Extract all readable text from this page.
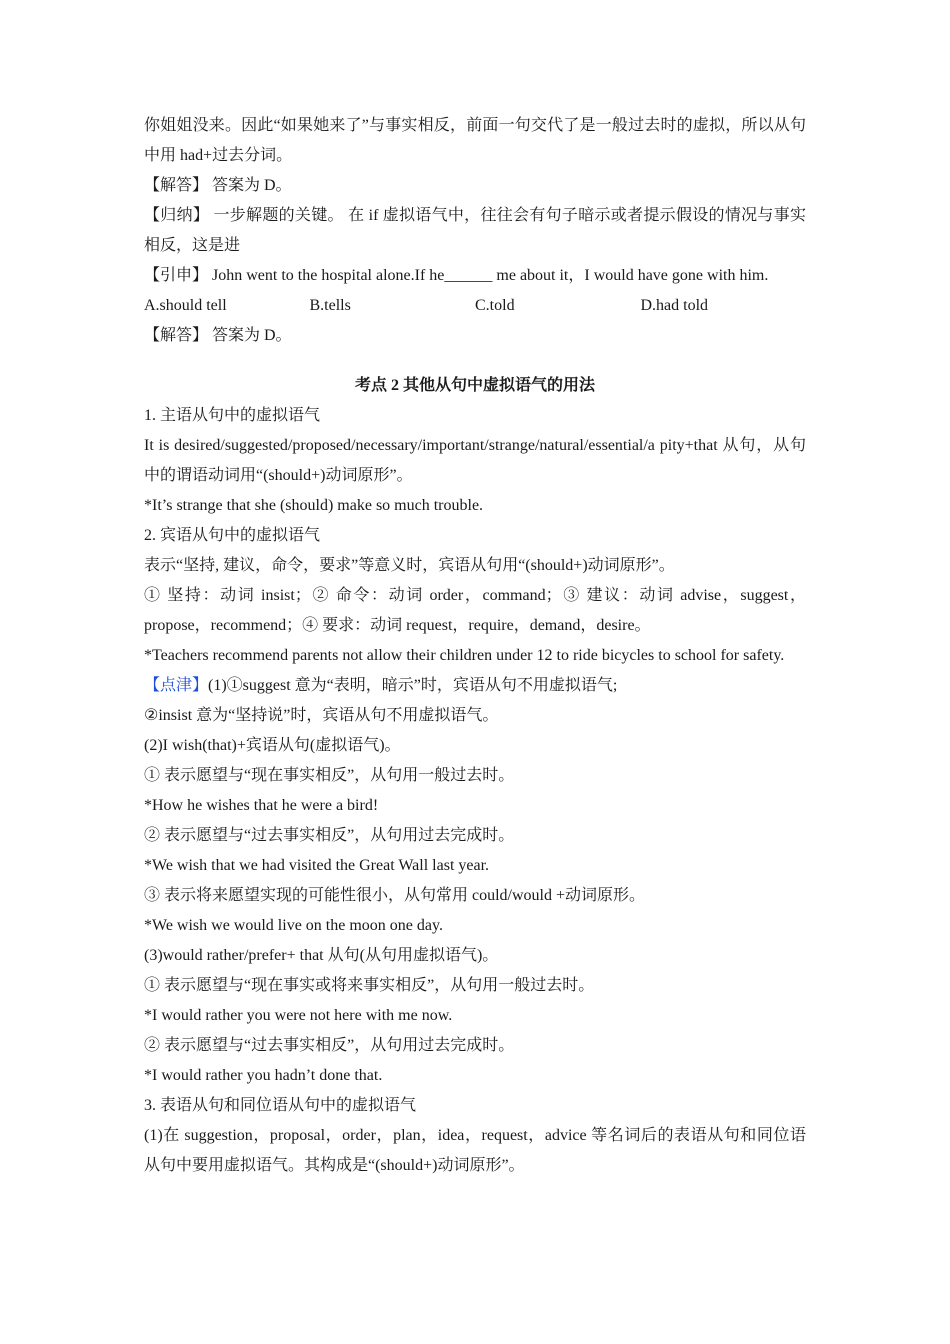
你姐姐没来。因此“如果她来了”与事实相反，前面一句交代了是一般过去时的虚拟，所以从句中用 had+过去分词。

【解答】 答案为 D。

【归纳】 一步解题的关键。 在 if 虚拟语气中，往往会有句子暗示或者提示假设的情况与事实相反，这是进

【引申】 John went to the hospital alone.If he______ me about it，I would have gone with him.

A.should tell	B.tells	C.told	D.had told

【解答】 答案为 D。

考点 2 其他从句中虚拟语气的用法

1. 主语从句中的虚拟语气

It is desired/suggested/proposed/necessary/important/strange/natural/essential/a pity+that 从句，从句中的谓语动词用“(should+)动词原形”。

*It’s strange that she (should) make so much trouble.

2. 宾语从句中的虚拟语气

表示“坚持, 建议，命令，要求”等意义时，宾语从句用“(should+)动词原形”。

① 坚持：动词 insist；② 命令：动词 order，command；③ 建议：动词 advise，suggest，propose，recommend；④ 要求：动词 request，require，demand，desire。

*Teachers recommend parents not allow their children under 12 to ride bicycles to school for safety.

【点津】(1)①suggest 意为“表明，暗示”时，宾语从句不用虚拟语气;

②insist 意为“坚持说”时，宾语从句不用虚拟语气。

(2)I wish(that)+宾语从句(虚拟语气)。

① 表示愿望与“现在事实相反”，从句用一般过去时。

*How he wishes that he were a bird!

② 表示愿望与“过去事实相反”，从句用过去完成时。

*We wish that we had visited the Great Wall last year.

③ 表示将来愿望实现的可能性很小，从句常用 could/would +动词原形。

*We wish we would live on the moon one day.

(3)would rather/prefer+ that 从句(从句用虚拟语气)。

① 表示愿望与“现在事实或将来事实相反”，从句用一般过去时。

*I would rather you were not here with me now.

② 表示愿望与“过去事实相反”，从句用过去完成时。

*I would rather you hadn’t done that.

3. 表语从句和同位语从句中的虚拟语气

(1)在 suggestion，proposal，order，plan，idea，request，advice 等名词后的表语从句和同位语从句中要用虚拟语气。其构成是“(should+)动词原形”。
